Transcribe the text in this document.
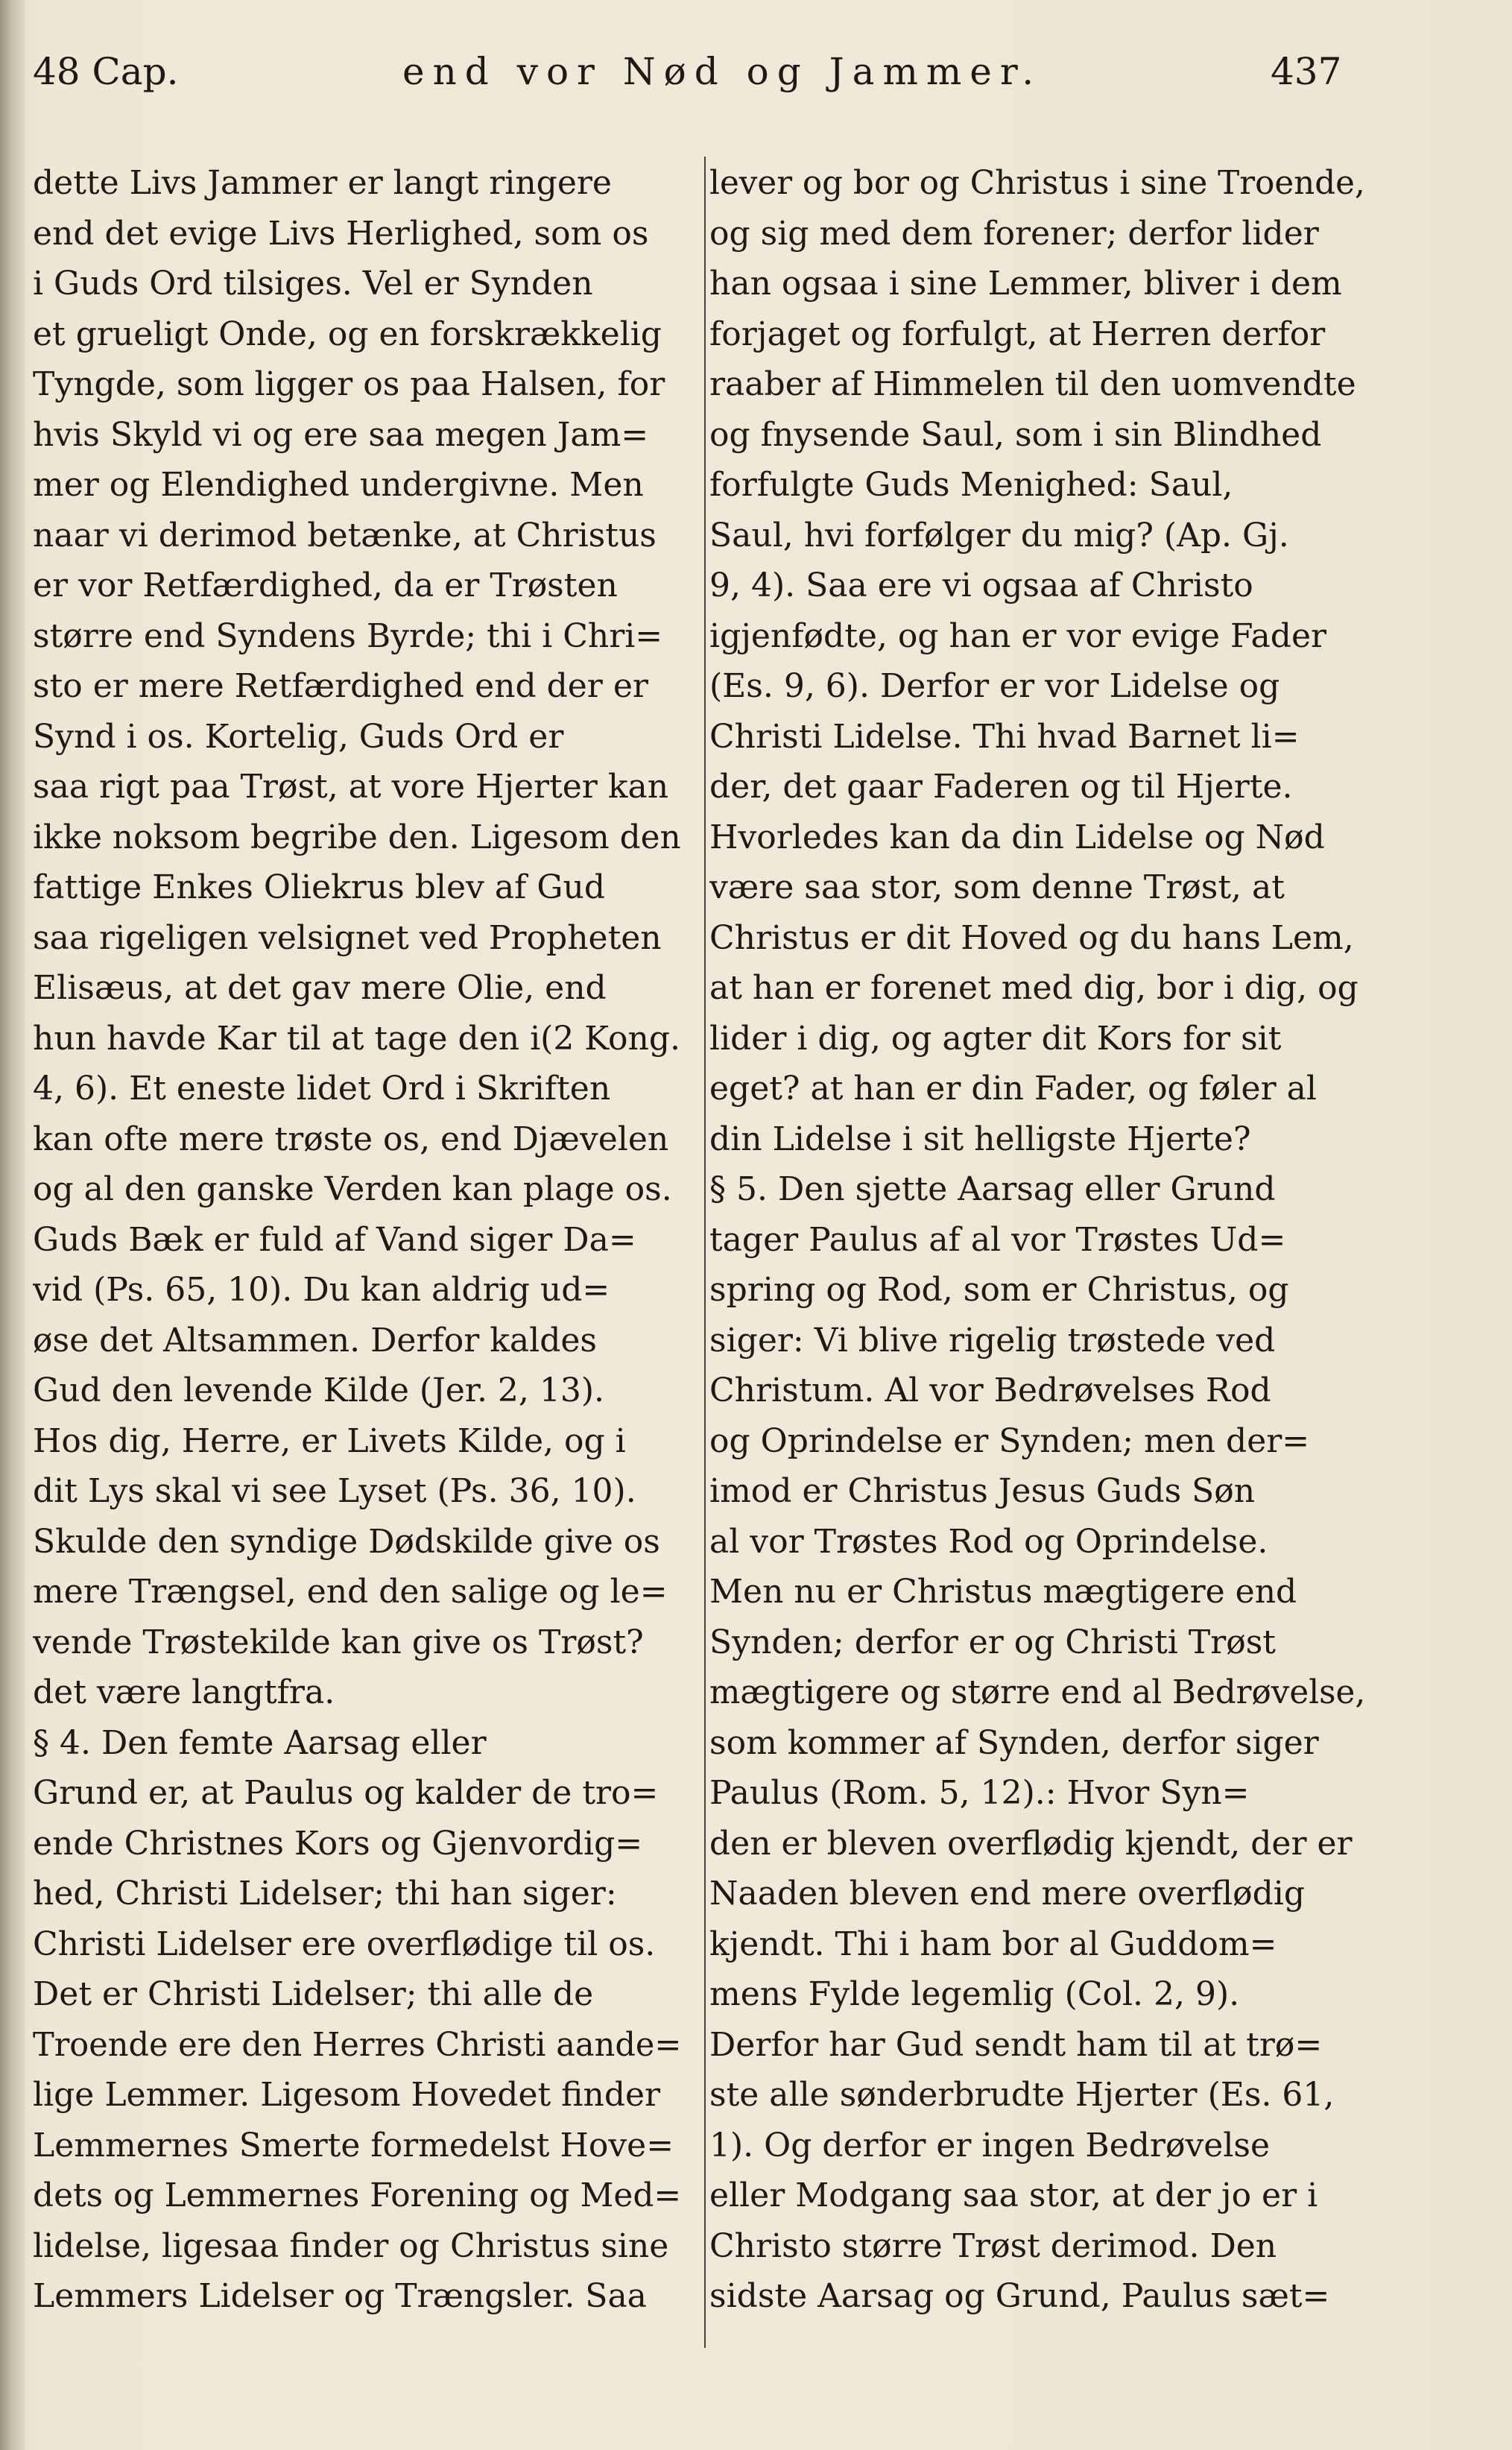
48 Cap.	end vor Nød og Jammer.	437
dette Livs Jammer er langt ringere
end det evige Livs Herlighed, som os
i Guds Ord tilsiges. Vel er Synden
et grueligt Onde, og en forskrækkelig
Tyngde, som ligger os paa Halsen, for
hvis Skyld vi og ere saa megen Jam=
mer og Elendighed undergivne. Men
naar vi derimod betænke, at Christus
er vor Retfærdighed, da er Trøsten
større end Syndens Byrde; thi i Chri=
sto er mere Retfærdighed end der er
Synd i os. Kortelig, Guds Ord er
saa rigt paa Trøst, at vore Hjerter kan
ikke noksom begribe den. Ligesom den
fattige Enkes Oliekrus blev af Gud
saa rigeligen velsignet ved Propheten
Elisæus, at det gav mere Olie, end
hun havde Kar til at tage den i(2 Kong.
4, 6). Et eneste lidet Ord i Skriften
kan ofte mere trøste os, end Djævelen
og al den ganske Verden kan plage os.
Guds Bæk er fuld af Vand siger Da=
vid (Ps. 65, 10). Du kan aldrig ud=
øse det Altsammen. Derfor kaldes
Gud den levende Kilde (Jer. 2, 13).
Hos dig, Herre, er Livets Kilde, og i
dit Lys skal vi see Lyset (Ps. 36, 10).
Skulde den syndige Dødskilde give os
mere Trængsel, end den salige og le=
vende Trøstekilde kan give os Trøst?
det være langtfra.
§ 4. Den femte Aarsag eller
Grund er, at Paulus og kalder de tro=
ende Christnes Kors og Gjenvordig=
hed, Christi Lidelser; thi han siger:
Christi Lidelser ere overflødige til os.
Det er Christi Lidelser; thi alle de
Troende ere den Herres Christi aande=
lige Lemmer. Ligesom Hovedet finder
Lemmernes Smerte formedelst Hove=
dets og Lemmernes Forening og Med=
lidelse, ligesaa finder og Christus sine
Lemmers Lidelser og Trængsler. Saa
lever og bor og Christus i sine Troende,
og sig med dem forener; derfor lider
han ogsaa i sine Lemmer, bliver i dem
forjaget og forfulgt, at Herren derfor
raaber af Himmelen til den uomvendte
og fnysende Saul, som i sin Blindhed
forfulgte Guds Menighed: Saul,
Saul, hvi forfølger du mig? (Ap. Gj.
9, 4). Saa ere vi ogsaa af Christo
igjenfødte, og han er vor evige Fader
(Es. 9, 6). Derfor er vor Lidelse og
Christi Lidelse. Thi hvad Barnet li=
der, det gaar Faderen og til Hjerte.
Hvorledes kan da din Lidelse og Nød
være saa stor, som denne Trøst, at
Christus er dit Hoved og du hans Lem,
at han er forenet med dig, bor i dig, og
lider i dig, og agter dit Kors for sit
eget? at han er din Fader, og føler al
din Lidelse i sit helligste Hjerte?
§ 5. Den sjette Aarsag eller Grund
tager Paulus af al vor Trøstes Ud=
spring og Rod, som er Christus, og
siger: Vi blive rigelig trøstede ved
Christum. Al vor Bedrøvelses Rod
og Oprindelse er Synden; men der=
imod er Christus Jesus Guds Søn
al vor Trøstes Rod og Oprindelse.
Men nu er Christus mægtigere end
Synden; derfor er og Christi Trøst
mægtigere og større end al Bedrøvelse,
som kommer af Synden, derfor siger
Paulus (Rom. 5, 12).: Hvor Syn=
den er bleven overflødig kjendt, der er
Naaden bleven end mere overflødig
kjendt. Thi i ham bor al Guddom=
mens Fylde legemlig (Col. 2, 9).
Derfor har Gud sendt ham til at trø=
ste alle sønderbrudte Hjerter (Es. 61,
1). Og derfor er ingen Bedrøvelse
eller Modgang saa stor, at der jo er i
Christo større Trøst derimod. Den
sidste Aarsag og Grund, Paulus sæt=
